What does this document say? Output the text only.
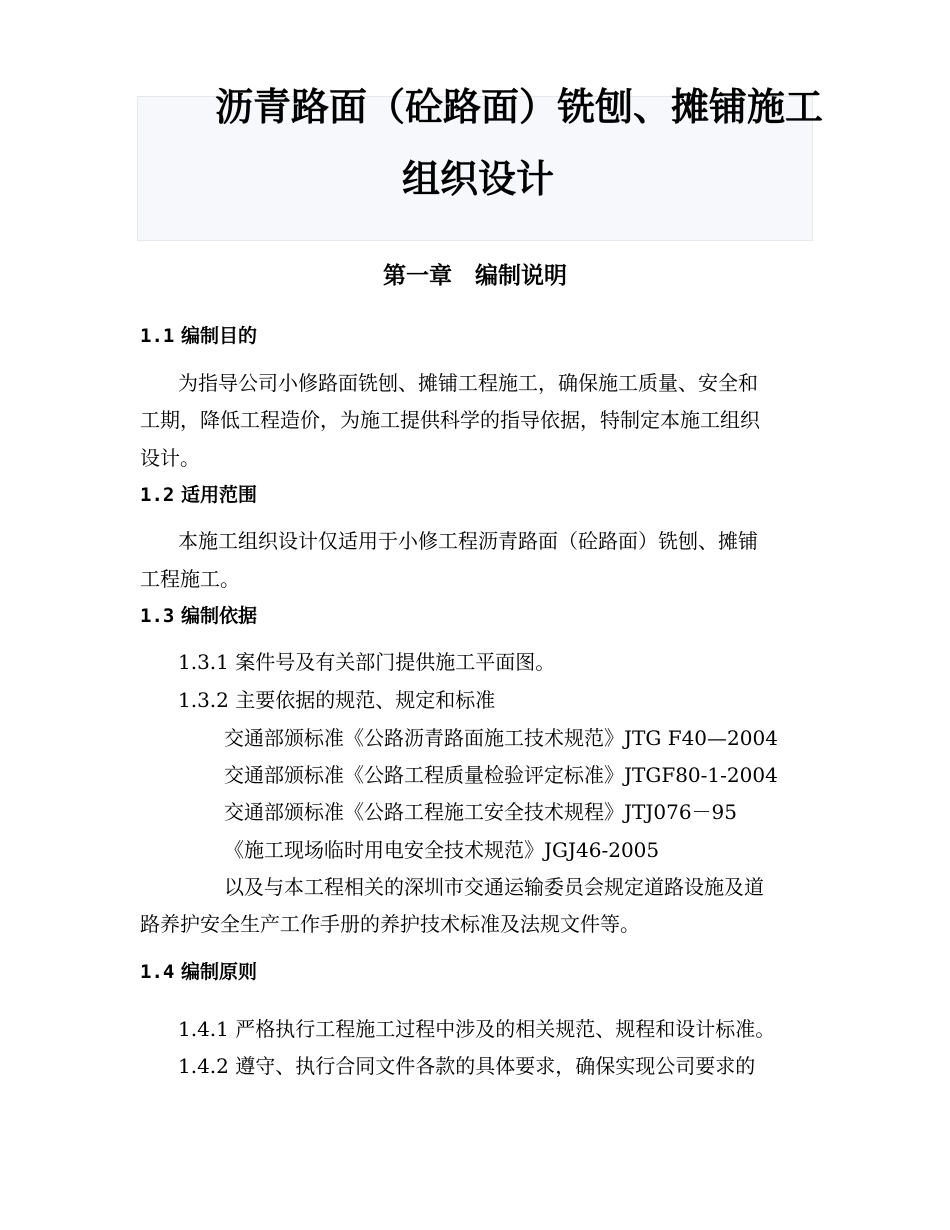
沥青路面（砼路面）铣刨、摊铺施工
组织设计
第一章　编制说明
1.1 编制目的
为指导公司小修路面铣刨、摊铺工程施工，确保施工质量、安全和
工期，降低工程造价，为施工提供科学的指导依据，特制定本施工组织
设计。
1.2 适用范围
本施工组织设计仅适用于小修工程沥青路面（砼路面）铣刨、摊铺
工程施工。
1.3 编制依据
1.3.1 案件号及有关部门提供施工平面图。
1.3.2 主要依据的规范、规定和标准
交通部颁标准《公路沥青路面施工技术规范》JTG F40—2004
交通部颁标准《公路工程质量检验评定标准》JTGF80-1-2004
交通部颁标准《公路工程施工安全技术规程》JTJ076－95
《施工现场临时用电安全技术规范》JGJ46-2005
以及与本工程相关的深圳市交通运输委员会规定道路设施及道
路养护安全生产工作手册的养护技术标准及法规文件等。
1.4 编制原则
1.4.1 严格执行工程施工过程中涉及的相关规范、规程和设计标准。
1.4.2 遵守、执行合同文件各款的具体要求，确保实现公司要求的
